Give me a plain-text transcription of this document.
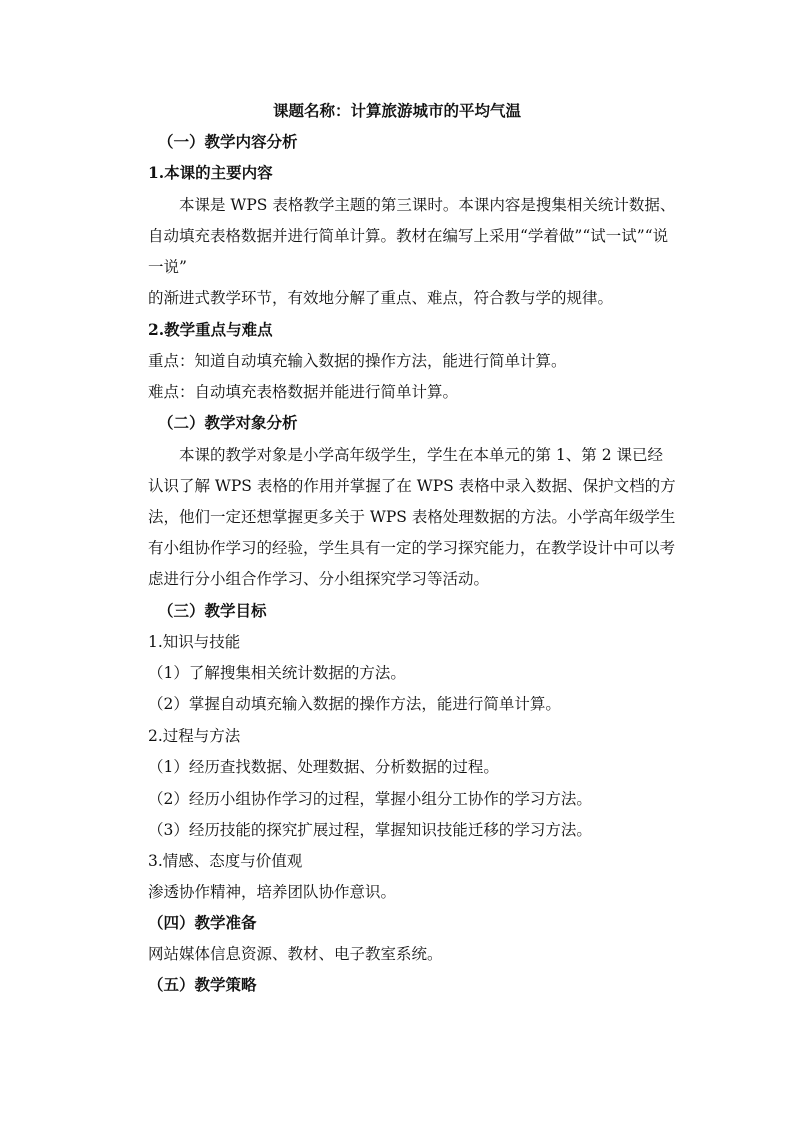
课题名称：计算旅游城市的平均气温
（一）教学内容分析
1.本课的主要内容
本课是 WPS 表格教学主题的第三课时。本课内容是搜集相关统计数据、自动填充表格数据并进行简单计算。教材在编写上采用“学着做”“试一试”“说一说”
的渐进式教学环节，有效地分解了重点、难点，符合教与学的规律。
2.教学重点与难点
重点：知道自动填充输入数据的操作方法，能进行简单计算。
难点：自动填充表格数据并能进行简单计算。
（二）教学对象分析
本课的教学对象是小学高年级学生，学生在本单元的第 1、第 2 课已经认识了解 WPS 表格的作用并掌握了在 WPS 表格中录入数据、保护文档的方法，他们一定还想掌握更多关于 WPS 表格处理数据的方法。小学高年级学生有小组协作学习的经验，学生具有一定的学习探究能力，在教学设计中可以考虑进行分小组合作学习、分小组探究学习等活动。
（三）教学目标
1.知识与技能
（1）了解搜集相关统计数据的方法。
（2）掌握自动填充输入数据的操作方法，能进行简单计算。
2.过程与方法
（1）经历查找数据、处理数据、分析数据的过程。
（2）经历小组协作学习的过程，掌握小组分工协作的学习方法。
（3）经历技能的探究扩展过程，掌握知识技能迁移的学习方法。
3.情感、态度与价值观
渗透协作精神，培养团队协作意识。
（四）教学准备
网站媒体信息资源、教材、电子教室系统。
（五）教学策略
